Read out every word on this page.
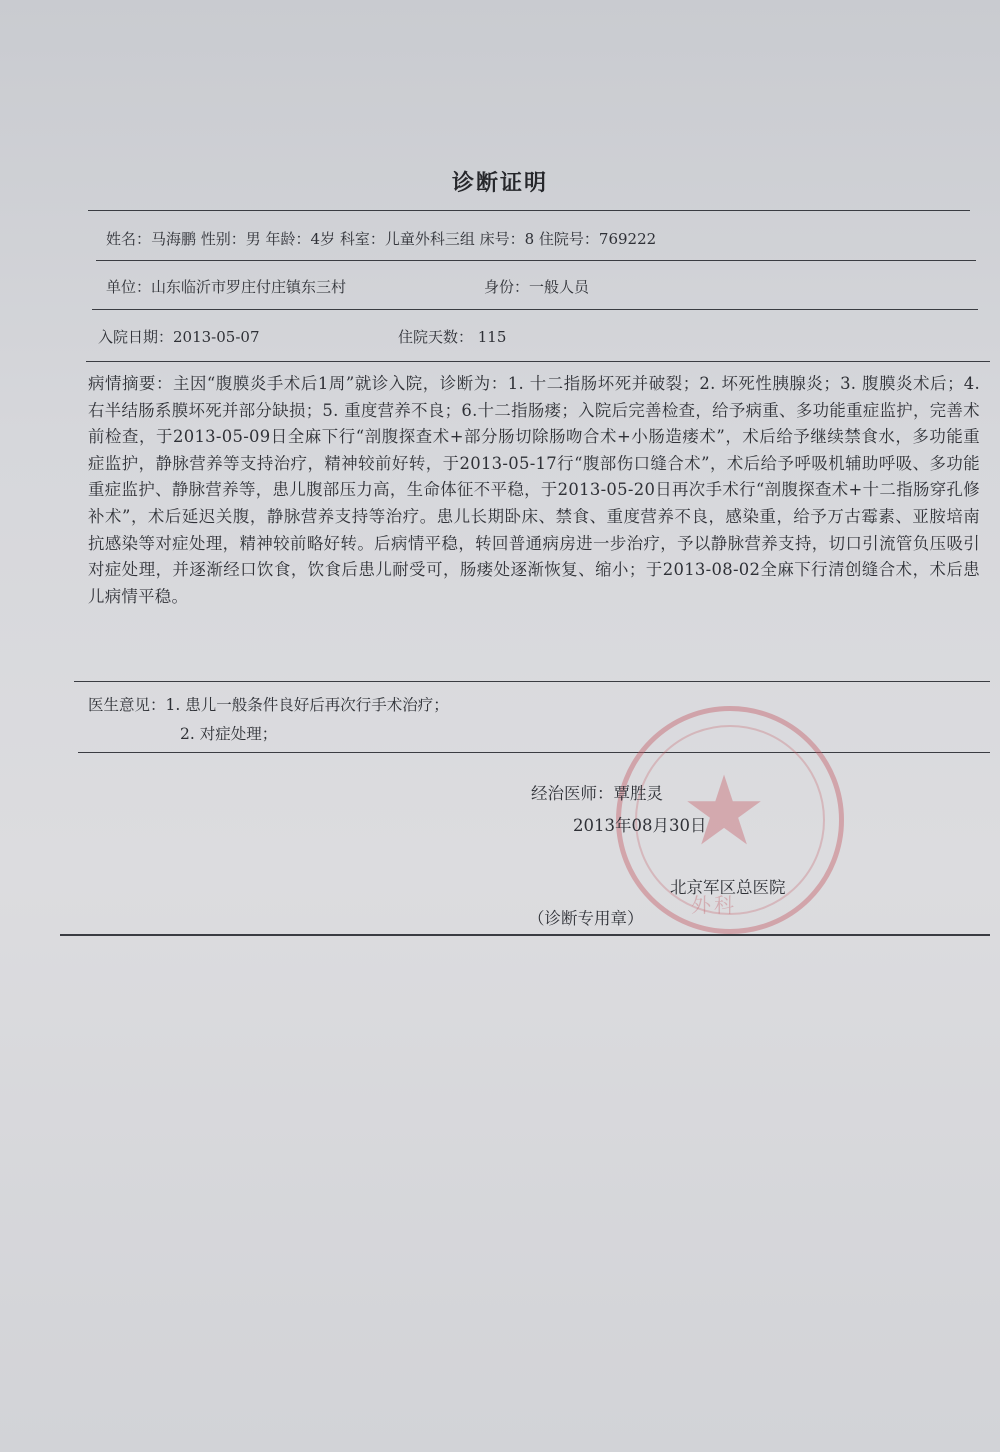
诊断证明
姓名：马海鹏 性别：男 年龄：4岁 科室：儿童外科三组 床号：8 住院号：769222
单位：山东临沂市罗庄付庄镇东三村	身份：一般人员
入院日期：2013-05-07	住院天数： 115
病情摘要：主因“腹膜炎手术后1周”就诊入院，诊断为：1. 十二指肠坏死并破裂；2. 坏死性胰腺炎；3. 腹膜炎术后；4. 右半结肠系膜坏死并部分缺损；5. 重度营养不良；6.十二指肠瘘；入院后完善检查，给予病重、多功能重症监护，完善术前检查，于2013-05-09日全麻下行“剖腹探查术+部分肠切除肠吻合术+小肠造瘘术”，术后给予继续禁食水，多功能重症监护，静脉营养等支持治疗，精神较前好转，于2013-05-17行“腹部伤口缝合术”，术后给予呼吸机辅助呼吸、多功能重症监护、静脉营养等，患儿腹部压力高，生命体征不平稳，于2013-05-20日再次手术行“剖腹探查术+十二指肠穿孔修补术”，术后延迟关腹，静脉营养支持等治疗。患儿长期卧床、禁食、重度营养不良，感染重，给予万古霉素、亚胺培南抗感染等对症处理，精神较前略好转。后病情平稳，转回普通病房进一步治疗，予以静脉营养支持，切口引流管负压吸引对症处理，并逐渐经口饮食，饮食后患儿耐受可，肠瘘处逐渐恢复、缩小；于2013-08-02全麻下行清创缝合术，术后患儿病情平稳。
医生意见：1. 患儿一般条件良好后再次行手术治疗；
2. 对症处理；
★
外科
经治医师：覃胜灵
2013年08月30日
北京军区总医院
（诊断专用章）
